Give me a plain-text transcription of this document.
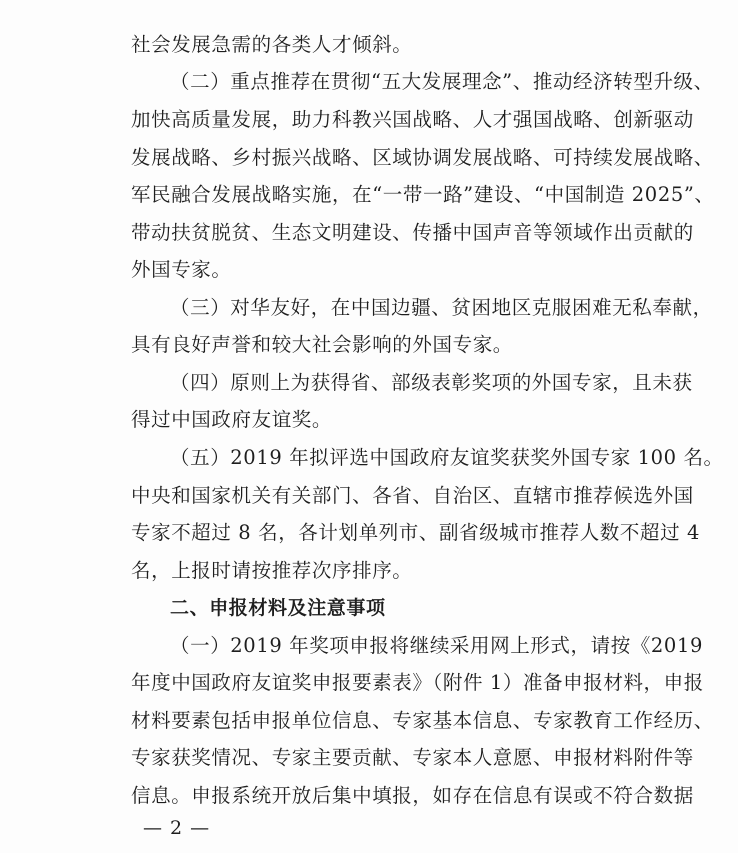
社会发展急需的各类人才倾斜。
（二）重点推荐在贯彻“五大发展理念”、推动经济转型升级、
加快高质量发展，助力科教兴国战略、人才强国战略、创新驱动
发展战略、乡村振兴战略、区域协调发展战略、可持续发展战略、
军民融合发展战略实施，在“一带一路”建设、“中国制造 2025”、
带动扶贫脱贫、生态文明建设、传播中国声音等领域作出贡献的
外国专家。
（三）对华友好，在中国边疆、贫困地区克服困难无私奉献，
具有良好声誉和较大社会影响的外国专家。
（四）原则上为获得省、部级表彰奖项的外国专家，且未获
得过中国政府友谊奖。
（五）2019 年拟评选中国政府友谊奖获奖外国专家 100 名。
中央和国家机关有关部门、各省、自治区、直辖市推荐候选外国
专家不超过 8 名，各计划单列市、副省级城市推荐人数不超过 4
名，上报时请按推荐次序排序。
二、申报材料及注意事项
（一）2019 年奖项申报将继续采用网上形式，请按《2019
年度中国政府友谊奖申报要素表》（附件 1）准备申报材料，申报
材料要素包括申报单位信息、专家基本信息、专家教育工作经历、
专家获奖情况、专家主要贡献、专家本人意愿、申报材料附件等
信息。申报系统开放后集中填报，如存在信息有误或不符合数据
— 2 —
